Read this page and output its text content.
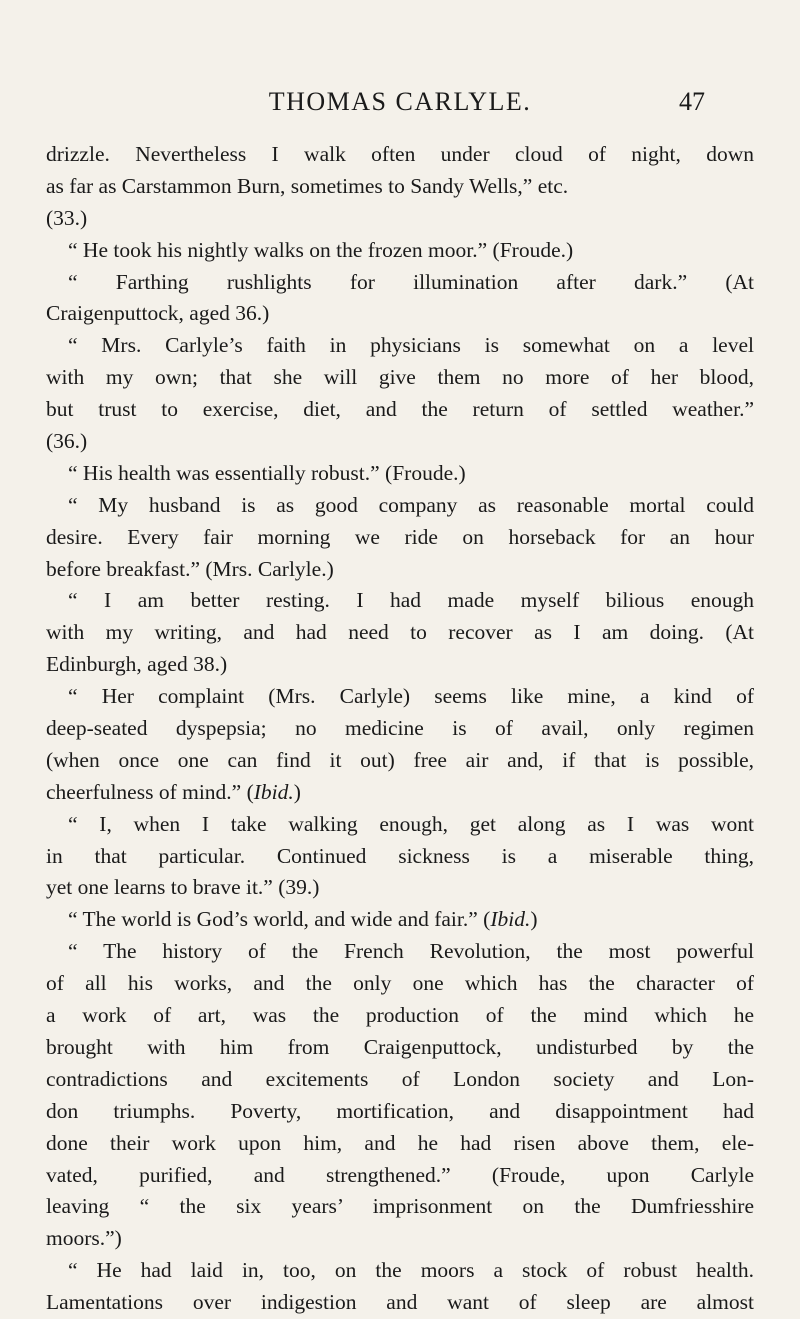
THOMAS CARLYLE.	47
drizzle. Nevertheless I walk often under cloud of night, down
as far as Carstammon Burn, sometimes to Sandy Wells,” etc.
(33.)
“ He took his nightly walks on the frozen moor.” (Froude.)
“ Farthing rushlights for illumination after dark.” (At
Craigenputtock, aged 36.)
“ Mrs. Carlyle’s faith in physicians is somewhat on a level
with my own; that she will give them no more of her blood,
but trust to exercise, diet, and the return of settled weather.”
(36.)
“ His health was essentially robust.” (Froude.)
“ My husband is as good company as reasonable mortal could
desire. Every fair morning we ride on horseback for an hour
before breakfast.” (Mrs. Carlyle.)
“ I am better resting. I had made myself bilious enough
with my writing, and had need to recover as I am doing. (At
Edinburgh, aged 38.)
“ Her complaint (Mrs. Carlyle) seems like mine, a kind of
deep-seated dyspepsia; no medicine is of avail, only regimen
(when once one can find it out) free air and, if that is possible,
cheerfulness of mind.” (Ibid.)
“ I, when I take walking enough, get along as I was wont
in that particular. Continued sickness is a miserable thing,
yet one learns to brave it.” (39.)
“ The world is God’s world, and wide and fair.” (Ibid.)
“ The history of the French Revolution, the most powerful
of all his works, and the only one which has the character of
a work of art, was the production of the mind which he
brought with him from Craigenputtock, undisturbed by the
contradictions and excitements of London society and Lon-
don triumphs. Poverty, mortification, and disappointment had
done their work upon him, and he had risen above them, ele-
vated, purified, and strengthened.” (Froude, upon Carlyle
leaving “ the six years’ imprisonment on the Dumfriesshire
moors.”)
“ He had laid in, too, on the moors a stock of robust health.
Lamentations over indigestion and want of sleep are almost
